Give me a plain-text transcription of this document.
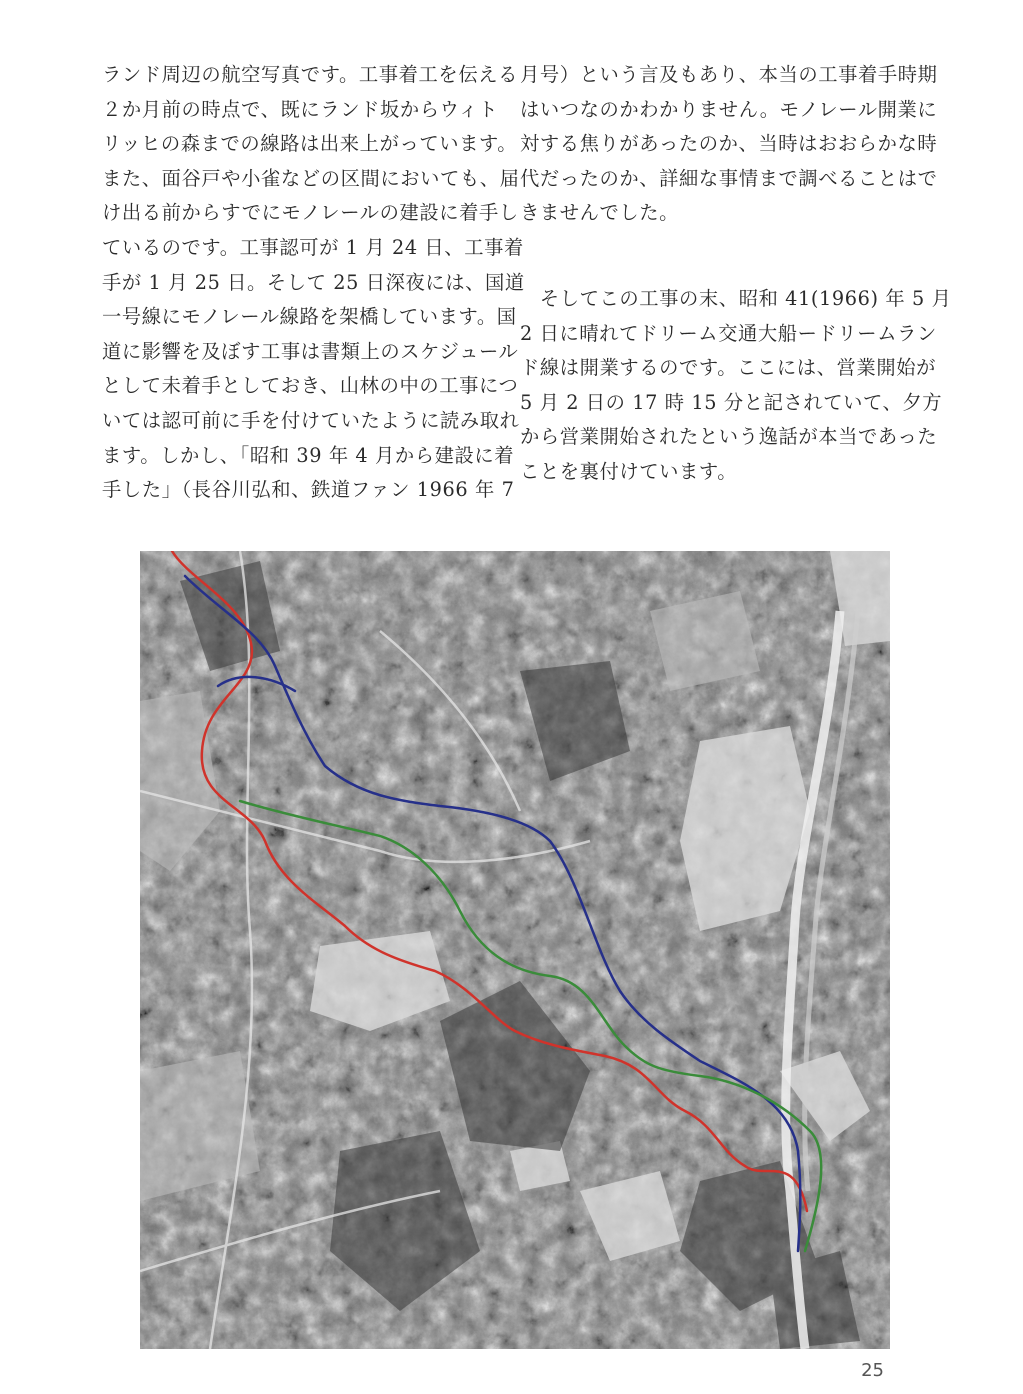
ランド周辺の航空写真です。工事着工を伝える
２か月前の時点で、既にランド坂からウィト
リッヒの森までの線路は出来上がっています。
また、面谷戸や小雀などの区間においても、届
け出る前からすでにモノレールの建設に着手し
ているのです。工事認可が 1 月 24 日、工事着
手が 1 月 25 日。そして 25 日深夜には、国道
一号線にモノレール線路を架橋しています。国
道に影響を及ぼす工事は書類上のスケジュール
として未着手としておき、山林の中の工事につ
いては認可前に手を付けていたように読み取れ
ます。しかし、「昭和 39 年 4 月から建設に着
手した」（長谷川弘和、鉄道ファン 1966 年 7
月号）という言及もあり、本当の工事着手時期
はいつなのかわかりません。モノレール開業に
対する焦りがあったのか、当時はおおらかな時
代だったのか、詳細な事情まで調べることはで
きませんでした。
　そしてこの工事の末、昭和 41(1966) 年 5 月
2 日に晴れてドリーム交通大船ードリームラン
ド線は開業するのです。ここには、営業開始が
5 月 2 日の 17 時 15 分と記されていて、夕方
から営業開始されたという逸話が本当であった
ことを裏付けています。
25
